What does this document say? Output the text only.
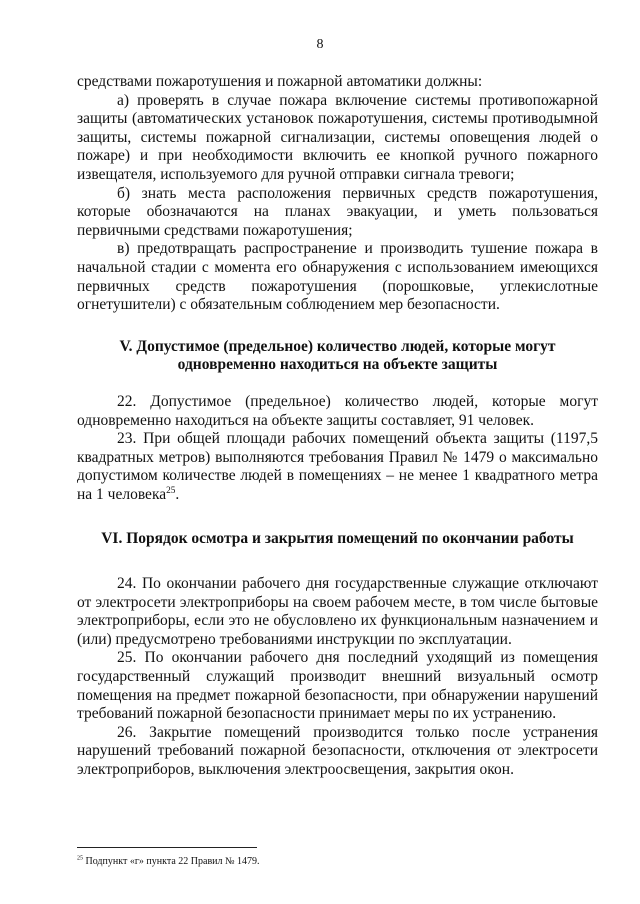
8

средствами пожаротушения и пожарной автоматики должны:

а) проверять в случае пожара включение системы противопожарной защиты (автоматических установок пожаротушения, системы противодымной защиты, системы пожарной сигнализации, системы оповещения людей о пожаре) и при необходимости включить ее кнопкой ручного пожарного извещателя, используемого для ручной отправки сигнала тревоги;

б) знать места расположения первичных средств пожаротушения, которые обозначаются на планах эвакуации, и уметь пользоваться первичными средствами пожаротушения;

в) предотвращать распространение и производить тушение пожара в начальной стадии с момента его обнаружения с использованием имеющихся первичных средств пожаротушения (порошковые, углекислотные огнетушители) с обязательным соблюдением мер безопасности.

V. Допустимое (предельное) количество людей, которые могут
одновременно находиться на объекте защиты

22. Допустимое (предельное) количество людей, которые могут одновременно находиться на объекте защиты составляет, 91 человек.

23. При общей площади рабочих помещений объекта защиты (1197,5 квадратных метров) выполняются требования Правил № 1479 о максимально допустимом количестве людей в помещениях – не менее 1 квадратного метра на 1 человека$^{25}$.

VI. Порядок осмотра и закрытия помещений по окончании работы

24. По окончании рабочего дня государственные служащие отключают от электросети электроприборы на своем рабочем месте, в том числе бытовые электроприборы, если это не обусловлено их функциональным назначением и (или) предусмотрено требованиями инструкции по эксплуатации.

25. По окончании рабочего дня последний уходящий из помещения государственный служащий производит внешний визуальный осмотр помещения на предмет пожарной безопасности, при обнаружении нарушений требований пожарной безопасности принимает меры по их устранению.

26. Закрытие помещений производится только после устранения нарушений требований пожарной безопасности, отключения от электросети электроприборов, выключения электроосвещения, закрытия окон.

$^{25}$ Подпункт «г» пункта 22 Правил № 1479.
